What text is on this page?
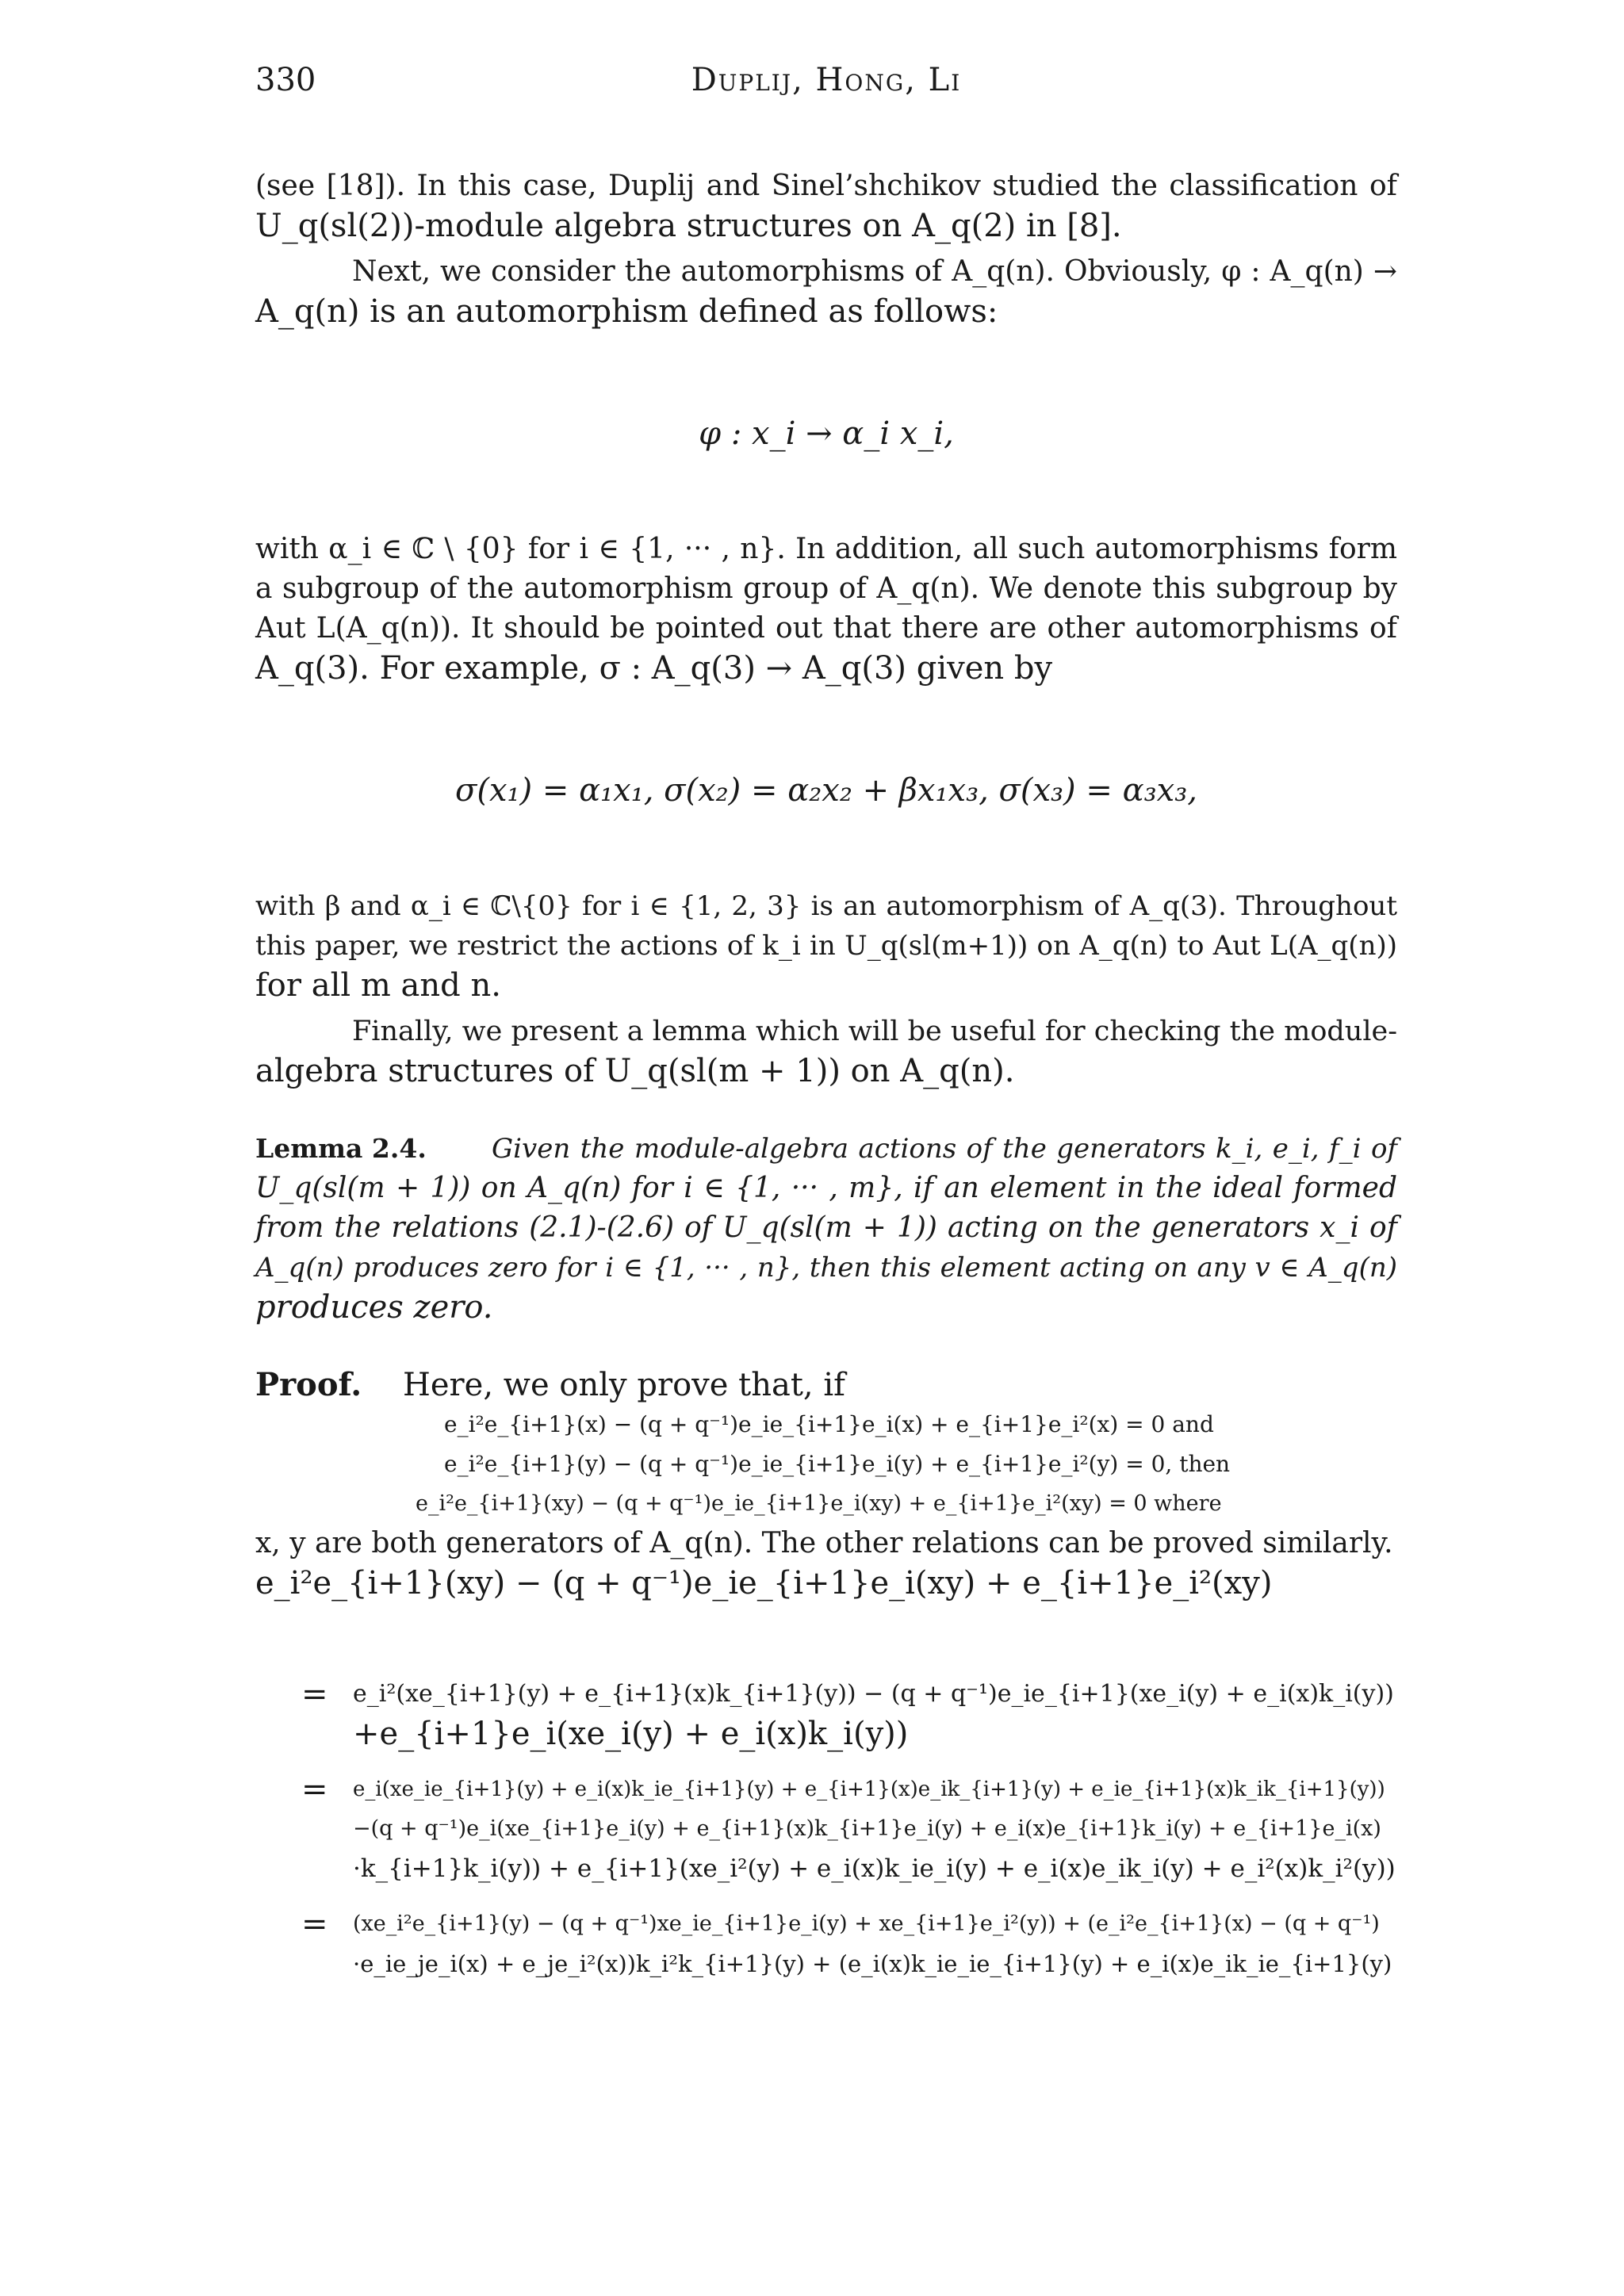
330	Duplij, Hong, Li
(see [18]). In this case, Duplij and Sinel’shchikov studied the classification of
U_q(sl(2))-module algebra structures on A_q(2) in [8].
Next, we consider the automorphisms of A_q(n). Obviously, φ : A_q(n) →
A_q(n) is an automorphism defined as follows:
φ : x_i → α_i x_i,
with α_i ∈ ℂ \ {0} for i ∈ {1, ··· , n}. In addition, all such automorphisms form
a subgroup of the automorphism group of A_q(n). We denote this subgroup by
Aut L(A_q(n)). It should be pointed out that there are other automorphisms of
A_q(3). For example, σ : A_q(3) → A_q(3) given by
σ(x₁) = α₁x₁, σ(x₂) = α₂x₂ + βx₁x₃, σ(x₃) = α₃x₃,
with β and α_i ∈ ℂ\{0} for i ∈ {1, 2, 3} is an automorphism of A_q(3). Throughout
this paper, we restrict the actions of k_i in U_q(sl(m+1)) on A_q(n) to Aut L(A_q(n))
for all m and n.
Finally, we present a lemma which will be useful for checking the module-
algebra structures of U_q(sl(m + 1)) on A_q(n).
Lemma 2.4. Given the module-algebra actions of the generators k_i, e_i, f_i of
U_q(sl(m + 1)) on A_q(n) for i ∈ {1, ··· , m}, if an element in the ideal formed
from the relations (2.1)-(2.6) of U_q(sl(m + 1)) acting on the generators x_i of
A_q(n) produces zero for i ∈ {1, ··· , n}, then this element acting on any v ∈ A_q(n)
produces zero.
Proof.	Here, we only prove that, if
e_i²e_{i+1}(x) − (q + q⁻¹)e_ie_{i+1}e_i(x) + e_{i+1}e_i²(x) = 0 and
e_i²e_{i+1}(y) − (q + q⁻¹)e_ie_{i+1}e_i(y) + e_{i+1}e_i²(y) = 0, then
e_i²e_{i+1}(xy) − (q + q⁻¹)e_ie_{i+1}e_i(xy) + e_{i+1}e_i²(xy) = 0 where
x, y are both generators of A_q(n). The other relations can be proved similarly.
e_i²e_{i+1}(xy) − (q + q⁻¹)e_ie_{i+1}e_i(xy) + e_{i+1}e_i²(xy)
= e_i²(xe_{i+1}(y) + e_{i+1}(x)k_{i+1}(y)) − (q + q⁻¹)e_ie_{i+1}(xe_i(y) + e_i(x)k_i(y))
+e_{i+1}e_i(xe_i(y) + e_i(x)k_i(y))
= e_i(xe_ie_{i+1}(y) + e_i(x)k_ie_{i+1}(y) + e_{i+1}(x)e_ik_{i+1}(y) + e_ie_{i+1}(x)k_ik_{i+1}(y))
−(q + q⁻¹)e_i(xe_{i+1}e_i(y) + e_{i+1}(x)k_{i+1}e_i(y) + e_i(x)e_{i+1}k_i(y) + e_{i+1}e_i(x)
·k_{i+1}k_i(y)) + e_{i+1}(xe_i²(y) + e_i(x)k_ie_i(y) + e_i(x)e_ik_i(y) + e_i²(x)k_i²(y))
= (xe_i²e_{i+1}(y) − (q + q⁻¹)xe_ie_{i+1}e_i(y) + xe_{i+1}e_i²(y)) + (e_i²e_{i+1}(x) − (q + q⁻¹)
·e_ie_je_i(x) + e_je_i²(x))k_i²k_{i+1}(y) + (e_i(x)k_ie_ie_{i+1}(y) + e_i(x)e_ik_ie_{i+1}(y)
